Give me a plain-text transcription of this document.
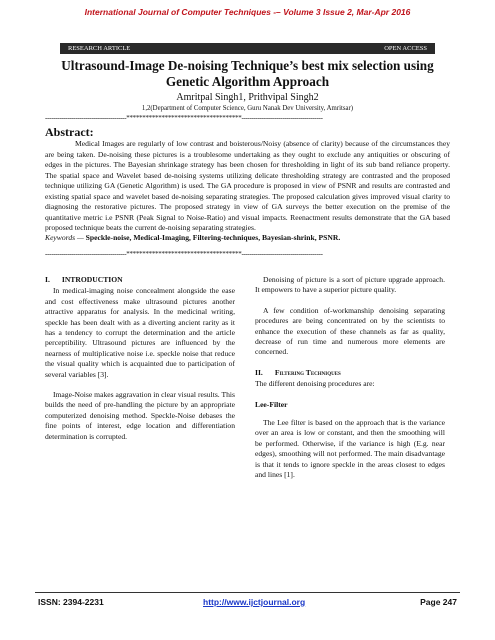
International Journal of Computer Techniques -– Volume 3 Issue 2, Mar-Apr 2016
RESEARCH ARTICLE	OPEN ACCESS
Ultrasound-Image De-noising Technique’s best mix selection using Genetic Algorithm Approach
Amritpal Singh1, Prithvipal Singh2
1,2(Department of Computer Science, Guru Nanak Dev University, Amritsar)
----------------------------------------************************************----------------------------------------
Abstract:

Medical Images are regularly of low contrast and boisterous/Noisy (absence of clarity) because of the circumstances they are being taken. De-noising these pictures is a troublesome undertaking as they ought to exclude any antiquities or obscuring of edges in the pictures. The Bayesian shrinkage strategy has been chosen for thresholding in light of its sub band reliance property. The spatial space and Wavelet based de-noising systems utilizing delicate thresholding strategy are contrasted and the proposed technique utilizing GA (Genetic Algorithm) is used. The GA procedure is proposed in view of PSNR and results are contrasted and existing spatial space and wavelet based de-noising separating strategies. The proposed calculation gives improved visual clarity to diagnosing the restorative pictures. The proposed strategy in view of GA surveys the better execution on the premise of the quantitative metric i.e PSNR (Peak Signal to Noise-Ratio) and visual impacts. Reenactment results demonstrate that the GA based proposed technique beats the current de-noising separating strategies.

Keywords — Speckle-noise, Medical-Imaging, Filtering-techniques, Bayesian-shrink, PSNR.
----------------------------------------************************************----------------------------------------
I. INTRODUCTION

In medical-imaging noise concealment alongside the ease and cost effectiveness make ultrasound pictures another attractive apparatus for analysis. In the medicinal writing, speckle has been dealt with as a diverting ancient rarity as it has a tendency to corrupt the determination and the article perceptibility. Ultrasound pictures are influenced by the nearness of multiplicative noise i.e. speckle noise that reduce the visual quality which is acquainted due to participation of several variables [3].

Image-Noise makes aggravation in clear visual results. This builds the need of pre-handling the picture by an appropriate computerized denoising method. Speckle-Noise debases the fine points of interest, edge location and differentiation determination is corrupted.

Denoising of picture is a sort of picture upgrade approach. It empowers to have a superior picture quality.

A few condition of-workmanship denoising separating procedures are being concentrated on by the scientists to enhance the execution of these channels as far as quality, decrease of run time and numerous more elements are concerned.

II. Filtering Techniques

The different denoising procedures are:

Lee-Filter

The Lee filter is based on the approach that is the variance over an area is low or constant, and then the smoothing will be performed. Otherwise, if the variance is high (E.g. near edges), smoothing will not performed. The main disadvantage is that it tends to ignore speckle in the areas closest to edges and lines [1].

ISSN: 2394-2231	http://www.ijctjournal.org	Page 247
